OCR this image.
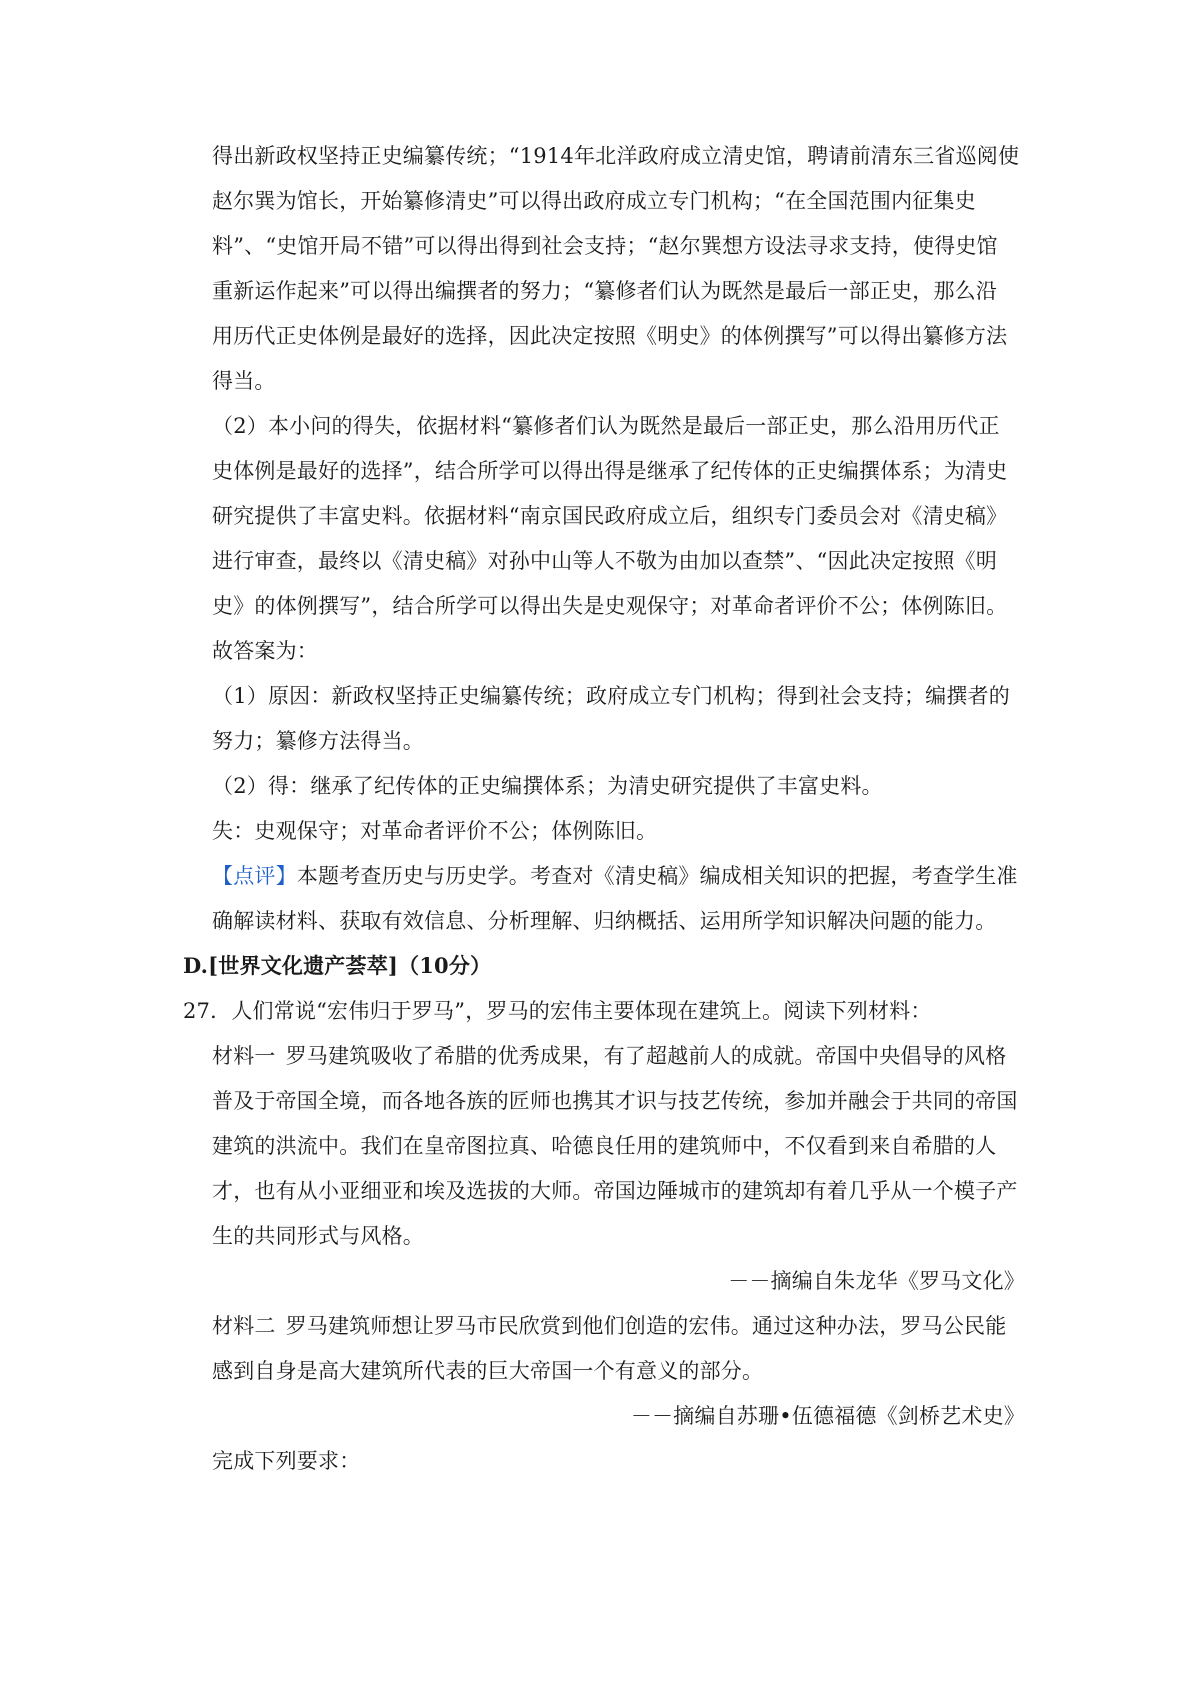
得出新政权坚持正史编纂传统；“1914年北洋政府成立清史馆，聘请前清东三省巡阅使
赵尔巽为馆长，开始纂修清史”可以得出政府成立专门机构；“在全国范围内征集史
料”、“史馆开局不错”可以得出得到社会支持；“赵尔巽想方设法寻求支持，使得史馆
重新运作起来”可以得出编撰者的努力；“纂修者们认为既然是最后一部正史，那么沿
用历代正史体例是最好的选择，因此决定按照《明史》的体例撰写”可以得出纂修方法
得当。
（2）本小问的得失，依据材料“纂修者们认为既然是最后一部正史，那么沿用历代正
史体例是最好的选择”，结合所学可以得出得是继承了纪传体的正史编撰体系；为清史
研究提供了丰富史料。依据材料“南京国民政府成立后，组织专门委员会对《清史稿》
进行审查，最终以《清史稿》对孙中山等人不敬为由加以查禁”、“因此决定按照《明
史》的体例撰写”，结合所学可以得出失是史观保守；对革命者评价不公；体例陈旧。
故答案为：
（1）原因：新政权坚持正史编纂传统；政府成立专门机构；得到社会支持；编撰者的
努力；纂修方法得当。
（2）得：继承了纪传体的正史编撰体系；为清史研究提供了丰富史料。
失：史观保守；对革命者评价不公；体例陈旧。
【点评】本题考查历史与历史学。考查对《清史稿》编成相关知识的把握，考查学生准
确解读材料、获取有效信息、分析理解、归纳概括、运用所学知识解决问题的能力。
D.[世界文化遗产荟萃]（10分）
27．人们常说“宏伟归于罗马”，罗马的宏伟主要体现在建筑上。阅读下列材料：
材料一 罗马建筑吸收了希腊的优秀成果，有了超越前人的成就。帝国中央倡导的风格
普及于帝国全境，而各地各族的匠师也携其才识与技艺传统，参加并融会于共同的帝国
建筑的洪流中。我们在皇帝图拉真、哈德良任用的建筑师中，不仅看到来自希腊的人
才，也有从小亚细亚和埃及选拔的大师。帝国边陲城市的建筑却有着几乎从一个模子产
生的共同形式与风格。
－－摘编自朱龙华《罗马文化》
材料二 罗马建筑师想让罗马市民欣赏到他们创造的宏伟。通过这种办法，罗马公民能
感到自身是高大建筑所代表的巨大帝国一个有意义的部分。
－－摘编自苏珊•伍德福德《剑桥艺术史》
完成下列要求：
